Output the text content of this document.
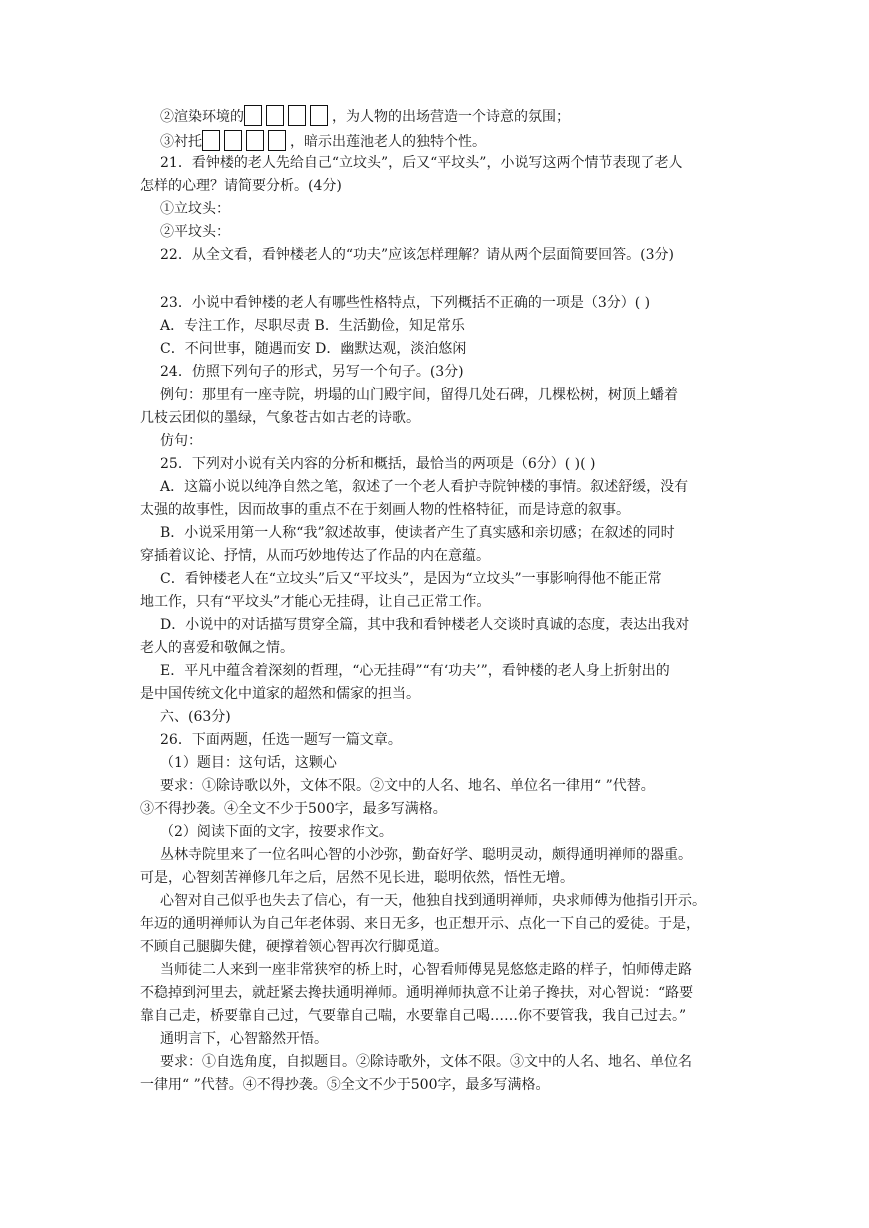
②渲染环境的	，为人物的出场营造一个诗意的氛围；
③衬托	，暗示出莲池老人的独特个性。
21．看钟楼的老人先给自己“立坟头”，后又“平坟头”，小说写这两个情节表现了老人
怎样的心理？请简要分析。(4分)
①立坟头：
②平坟头：
22．从全文看，看钟楼老人的“功夫”应该怎样理解？请从两个层面简要回答。(3分)
23．小说中看钟楼的老人有哪些性格特点，下列概括不正确的一项是（3分）( )
A．专注工作，尽职尽责 B．生活勤俭，知足常乐
C．不问世事，随遇而安 D．幽默达观，淡泊悠闲
24．仿照下列句子的形式，另写一个句子。(3分)
例句：那里有一座寺院，坍塌的山门殿宇间，留得几处石碑，几棵松树，树顶上蟠着
几枝云团似的墨绿，气象苍古如古老的诗歌。
仿句：
25．下列对小说有关内容的分析和概括，最恰当的两项是（6分）( )( )
A．这篇小说以纯净自然之笔，叙述了一个老人看护寺院钟楼的事情。叙述舒缓，没有
太强的故事性，因而故事的重点不在于刻画人物的性格特征，而是诗意的叙事。
B．小说采用第一人称“我”叙述故事，使读者产生了真实感和亲切感；在叙述的同时
穿插着议论、抒情，从而巧妙地传达了作品的内在意蕴。
C．看钟楼老人在“立坟头”后又“平坟头”，是因为“立坟头”一事影响得他不能正常
地工作，只有“平坟头”才能心无挂碍，让自己正常工作。
D．小说中的对话描写贯穿全篇，其中我和看钟楼老人交谈时真诚的态度，表达出我对
老人的喜爱和敬佩之情。
E．平凡中蕴含着深刻的哲理，“心无挂碍”“有‘功夫’”，看钟楼的老人身上折射出的
是中国传统文化中道家的超然和儒家的担当。
六、(63分)
26．下面两题，任选一题写一篇文章。
（1）题目：这句话，这颗心
要求：①除诗歌以外，文体不限。②文中的人名、地名、单位名一律用“ ”代替。
③不得抄袭。④全文不少于500字，最多写满格。
（2）阅读下面的文字，按要求作文。
丛林寺院里来了一位名叫心智的小沙弥，勤奋好学、聪明灵动，颇得通明禅师的器重。
可是，心智刻苦禅修几年之后，居然不见长进，聪明依然，悟性无增。
心智对自己似乎也失去了信心，有一天，他独自找到通明禅师，央求师傅为他指引开示。
年迈的通明禅师认为自己年老体弱、来日无多，也正想开示、点化一下自己的爱徒。于是，
不顾自己腿脚失健，硬撑着领心智再次行脚觅道。
当师徒二人来到一座非常狭窄的桥上时，心智看师傅晃晃悠悠走路的样子，怕师傅走路
不稳掉到河里去，就赶紧去搀扶通明禅师。通明禅师执意不让弟子搀扶，对心智说：“路要
靠自己走，桥要靠自己过，气要靠自己喘，水要靠自己喝……你不要管我，我自己过去。”
通明言下，心智豁然开悟。
要求：①自选角度，自拟题目。②除诗歌外，文体不限。③文中的人名、地名、单位名
一律用“ ”代替。④不得抄袭。⑤全文不少于500字，最多写满格。
